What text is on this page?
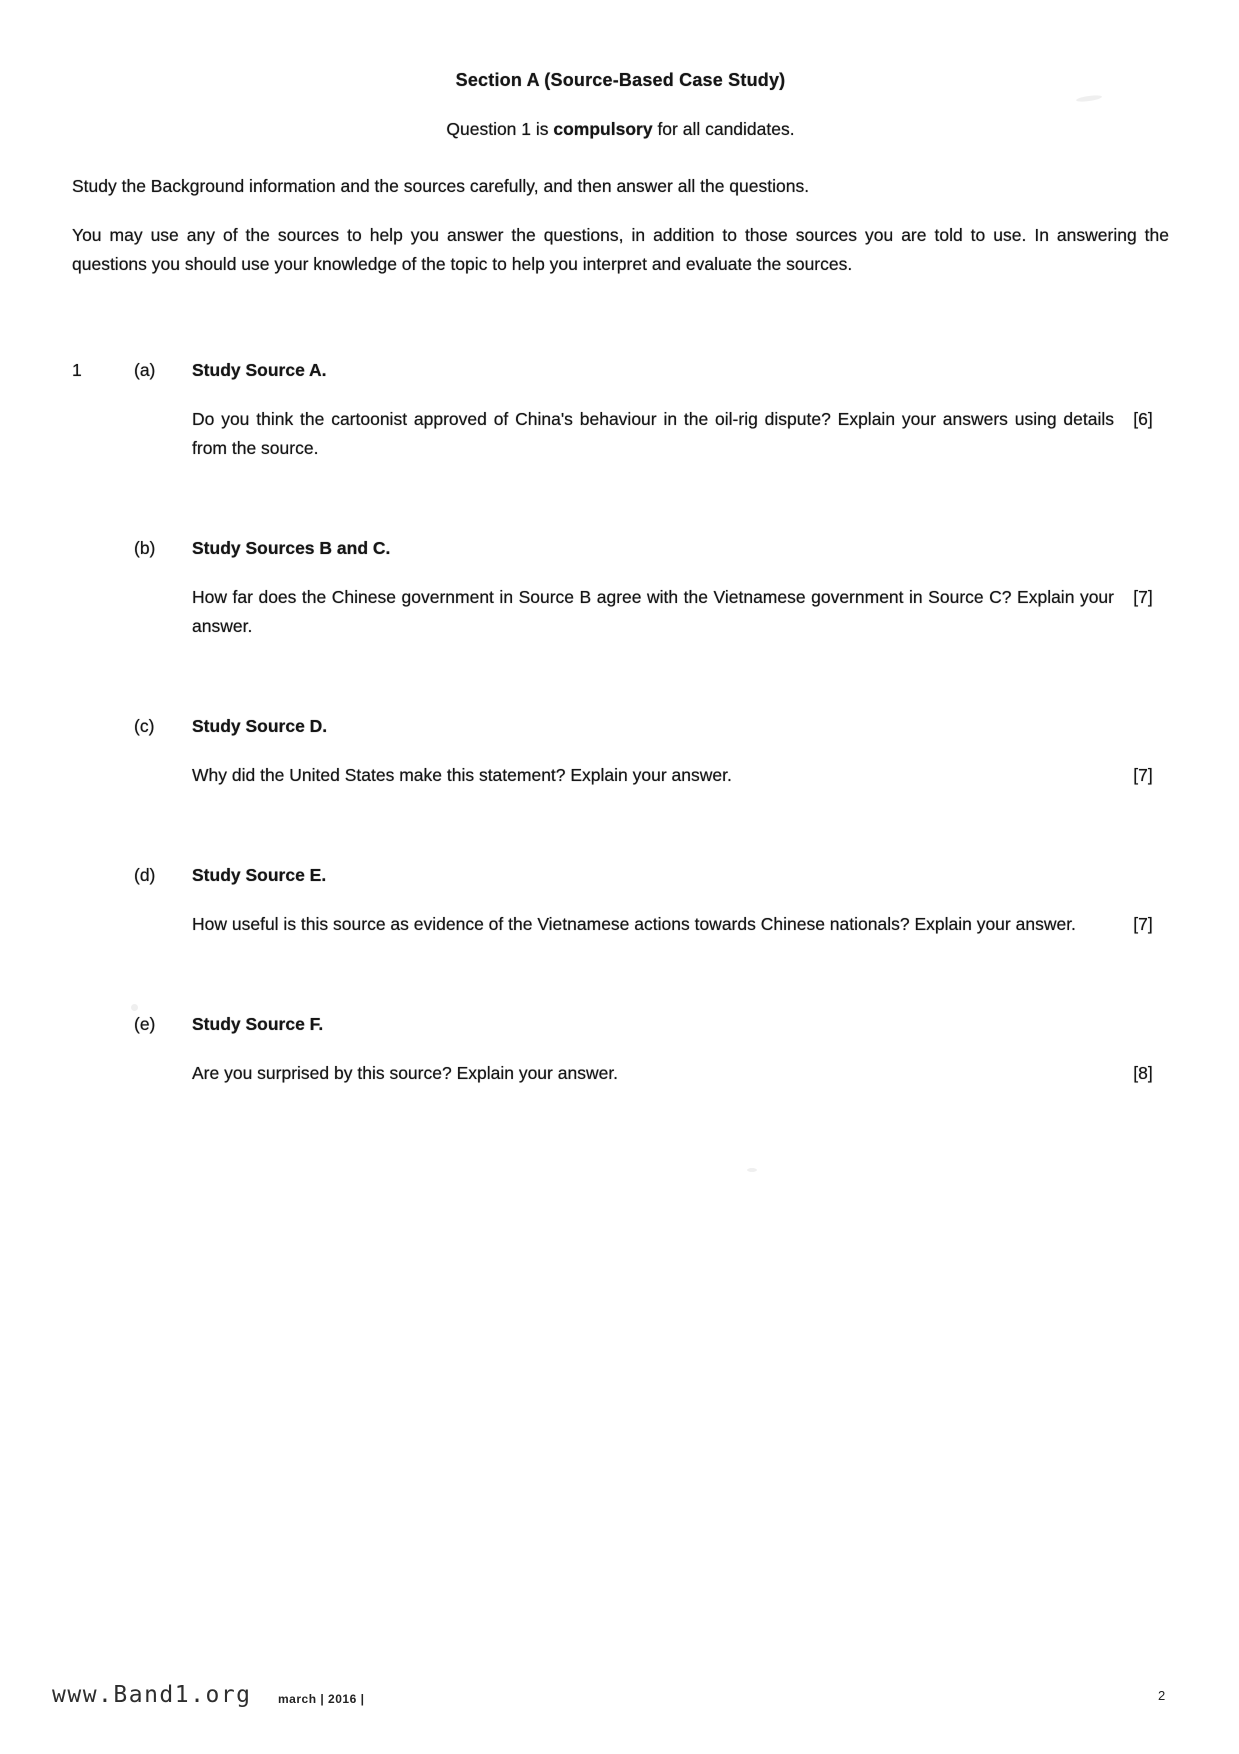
Section A (Source-Based Case Study)
Question 1 is compulsory for all candidates.

Study the Background information and the sources carefully, and then answer all the questions.

You may use any of the sources to help you answer the questions, in addition to those sources you are told to use. In answering the questions you should use your knowledge of the topic to help you interpret and evaluate the sources.

1	(a)	Study Source A.
Do you think the cartoonist approved of China's behaviour in the oil-rig dispute? Explain your answers using details from the source.
[6]
(b)	Study Sources B and C.
How far does the Chinese government in Source B agree with the Vietnamese government in Source C? Explain your answer.
[7]
(c)	Study Source D.
Why did the United States make this statement? Explain your answer.	[7]
(d)	Study Source E.
How useful is this source as evidence of the Vietnamese actions towards Chinese nationals? Explain your answer.	[7]
(e)	Study Source F.
Are you surprised by this source? Explain your answer.	[8]
www.Band1.org march | 2016 |	2
